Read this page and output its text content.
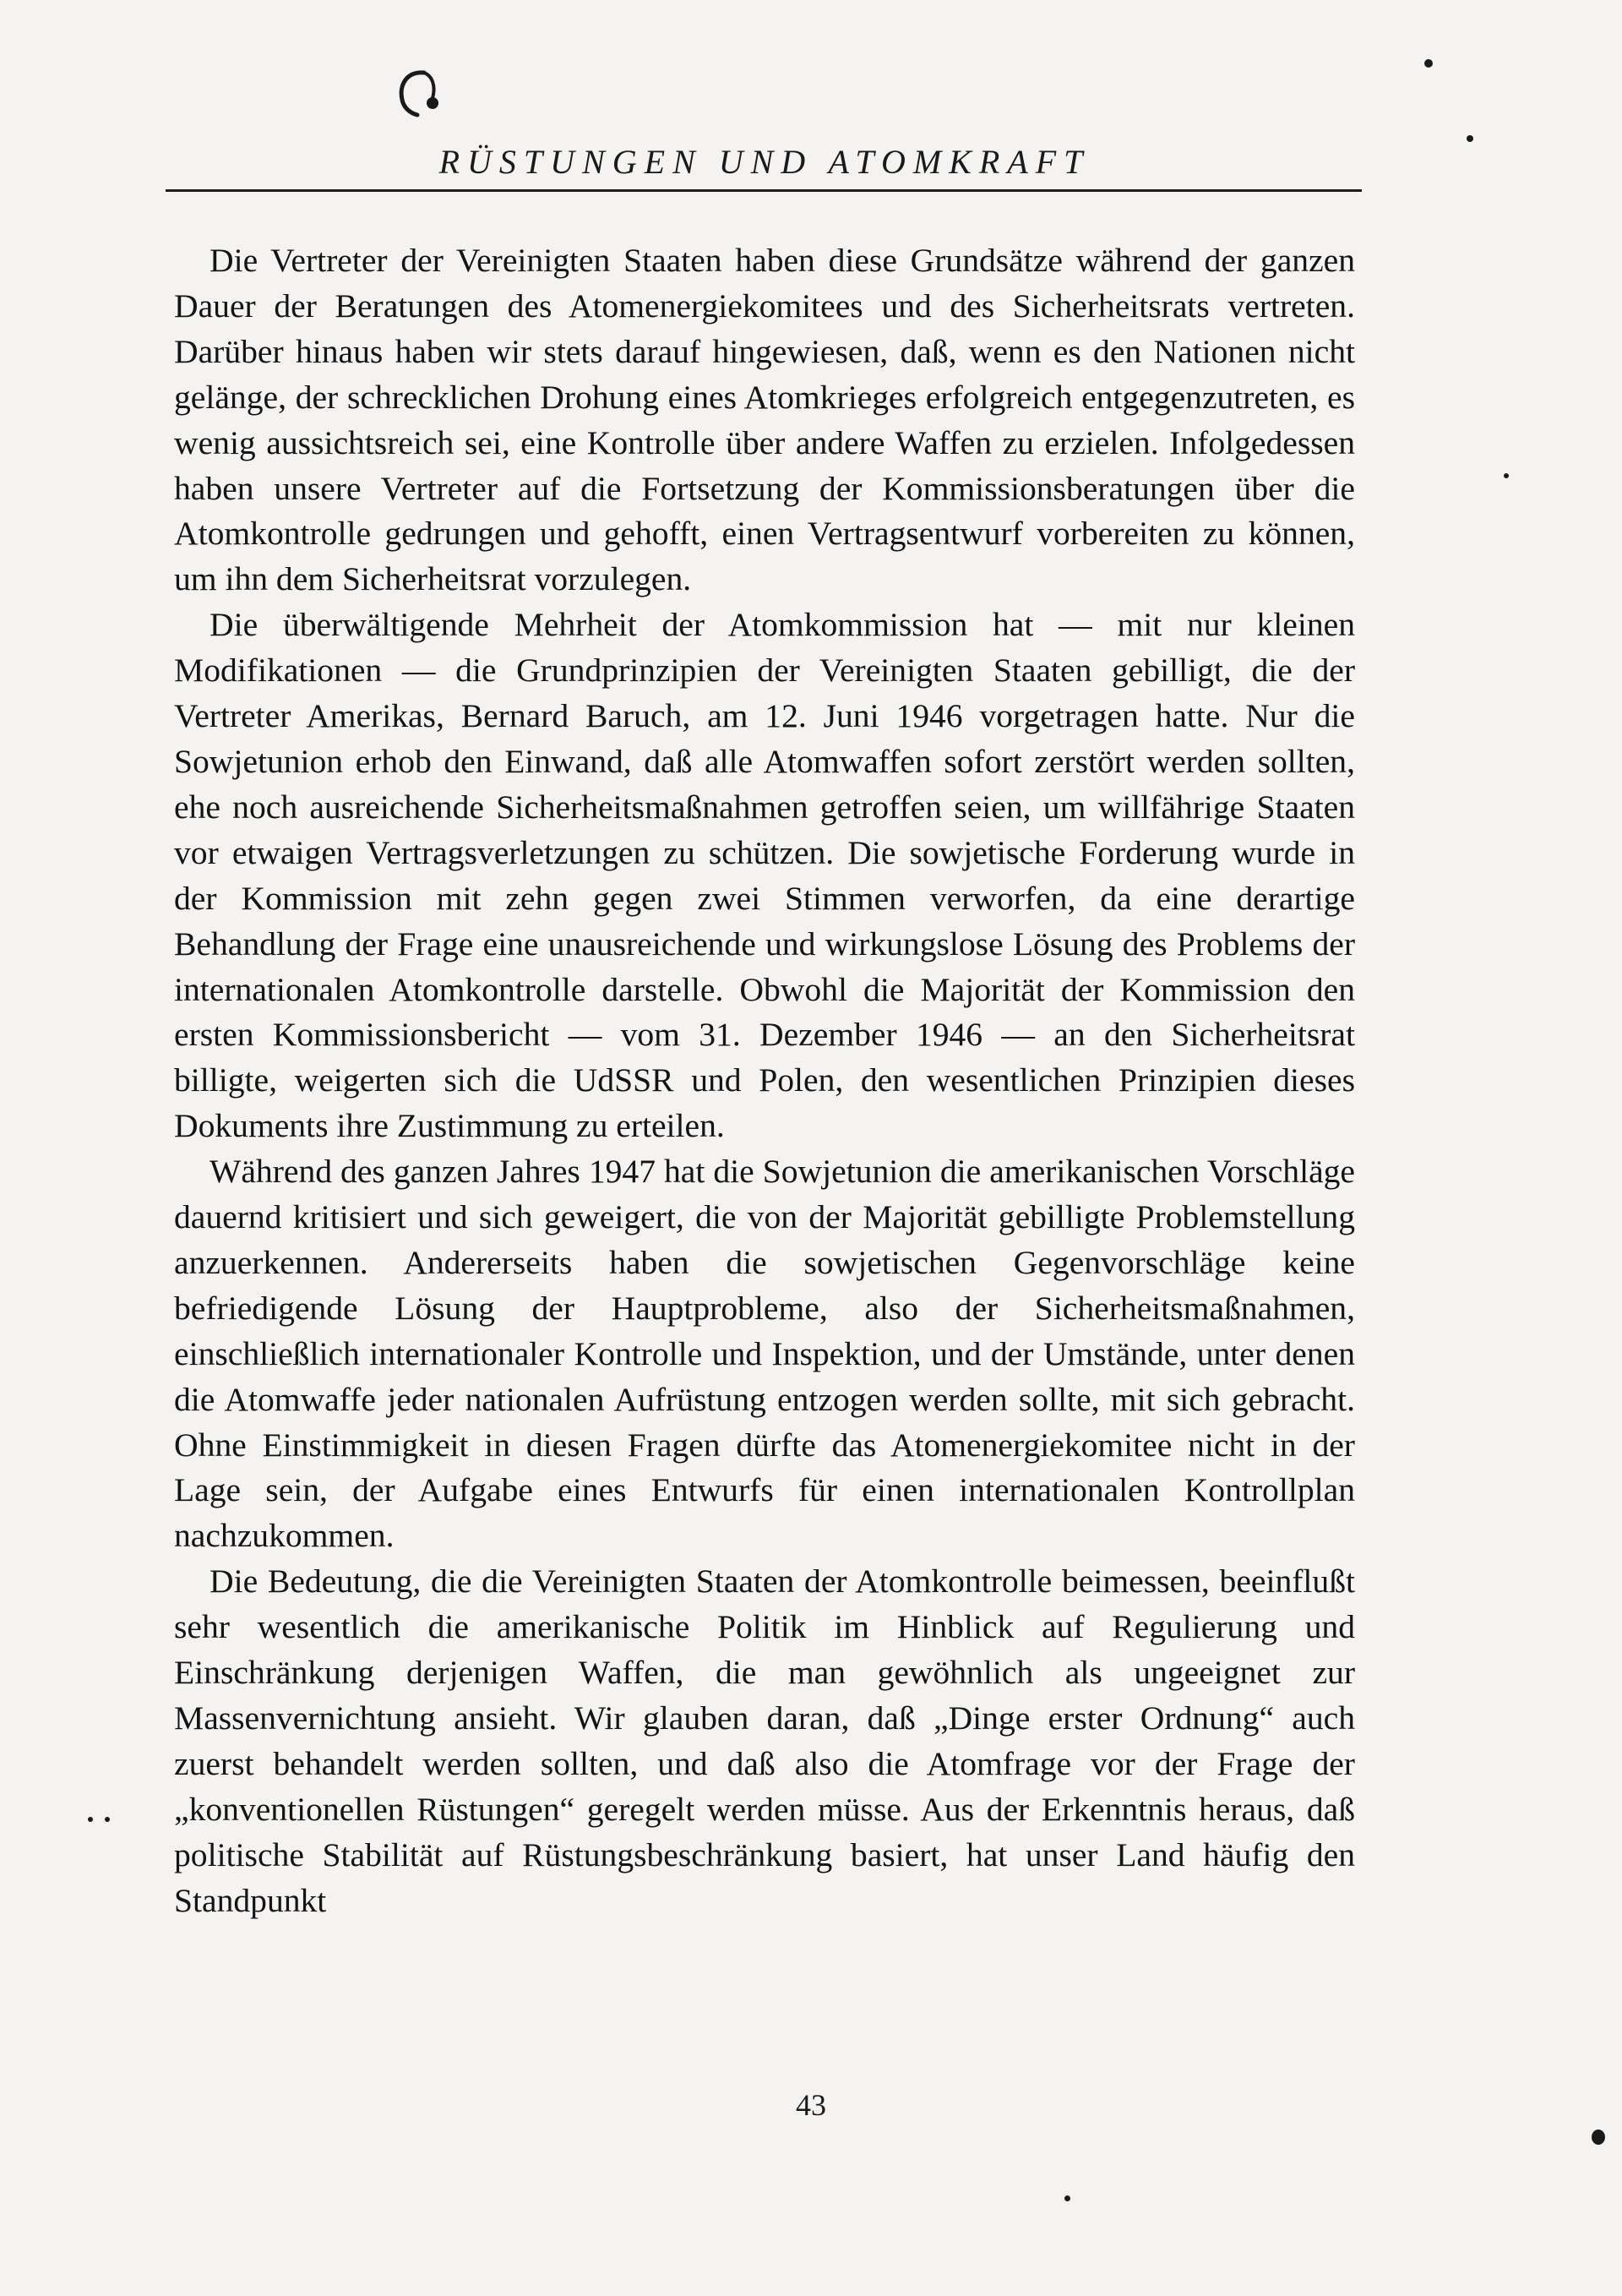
RÜSTUNGEN UND ATOMKRAFT

Die Vertreter der Vereinigten Staaten haben diese Grundsätze während der ganzen Dauer der Beratungen des Atomenergiekomitees und des Sicherheitsrats vertreten. Darüber hinaus haben wir stets darauf hingewiesen, daß, wenn es den Nationen nicht gelänge, der schrecklichen Drohung eines Atomkrieges erfolgreich entgegenzutreten, es wenig aussichtsreich sei, eine Kontrolle über andere Waffen zu erzielen. Infolgedessen haben unsere Vertreter auf die Fortsetzung der Kommissionsberatungen über die Atomkontrolle gedrungen und gehofft, einen Vertragsentwurf vorbereiten zu können, um ihn dem Sicherheitsrat vorzulegen.

Die überwältigende Mehrheit der Atomkommission hat — mit nur kleinen Modifikationen — die Grundprinzipien der Vereinigten Staaten gebilligt, die der Vertreter Amerikas, Bernard Baruch, am 12. Juni 1946 vorgetragen hatte. Nur die Sowjetunion erhob den Einwand, daß alle Atomwaffen sofort zerstört werden sollten, ehe noch ausreichende Sicherheitsmaßnahmen getroffen seien, um willfährige Staaten vor etwaigen Vertragsverletzungen zu schützen. Die sowjetische Forderung wurde in der Kommission mit zehn gegen zwei Stimmen verworfen, da eine derartige Behandlung der Frage eine unausreichende und wirkungslose Lösung des Problems der internationalen Atomkontrolle darstelle. Obwohl die Majorität der Kommission den ersten Kommissionsbericht — vom 31. Dezember 1946 — an den Sicherheitsrat billigte, weigerten sich die UdSSR und Polen, den wesentlichen Prinzipien dieses Dokuments ihre Zustimmung zu erteilen.

Während des ganzen Jahres 1947 hat die Sowjetunion die amerikanischen Vorschläge dauernd kritisiert und sich geweigert, die von der Majorität gebilligte Problemstellung anzuerkennen. Andererseits haben die sowjetischen Gegenvorschläge keine befriedigende Lösung der Hauptprobleme, also der Sicherheitsmaßnahmen, einschließlich internationaler Kontrolle und Inspektion, und der Umstände, unter denen die Atomwaffe jeder nationalen Aufrüstung entzogen werden sollte, mit sich gebracht. Ohne Einstimmigkeit in diesen Fragen dürfte das Atomenergiekomitee nicht in der Lage sein, der Aufgabe eines Entwurfs für einen internationalen Kontrollplan nachzukommen.

Die Bedeutung, die die Vereinigten Staaten der Atomkontrolle beimessen, beeinflußt sehr wesentlich die amerikanische Politik im Hinblick auf Regulierung und Einschränkung derjenigen Waffen, die man gewöhnlich als ungeeignet zur Massenvernichtung ansieht. Wir glauben daran, daß „Dinge erster Ordnung“ auch zuerst behandelt werden sollten, und daß also die Atomfrage vor der Frage der „konventionellen Rüstungen“ geregelt werden müsse. Aus der Erkenntnis heraus, daß politische Stabilität auf Rüstungsbeschränkung basiert, hat unser Land häufig den Standpunkt

43
